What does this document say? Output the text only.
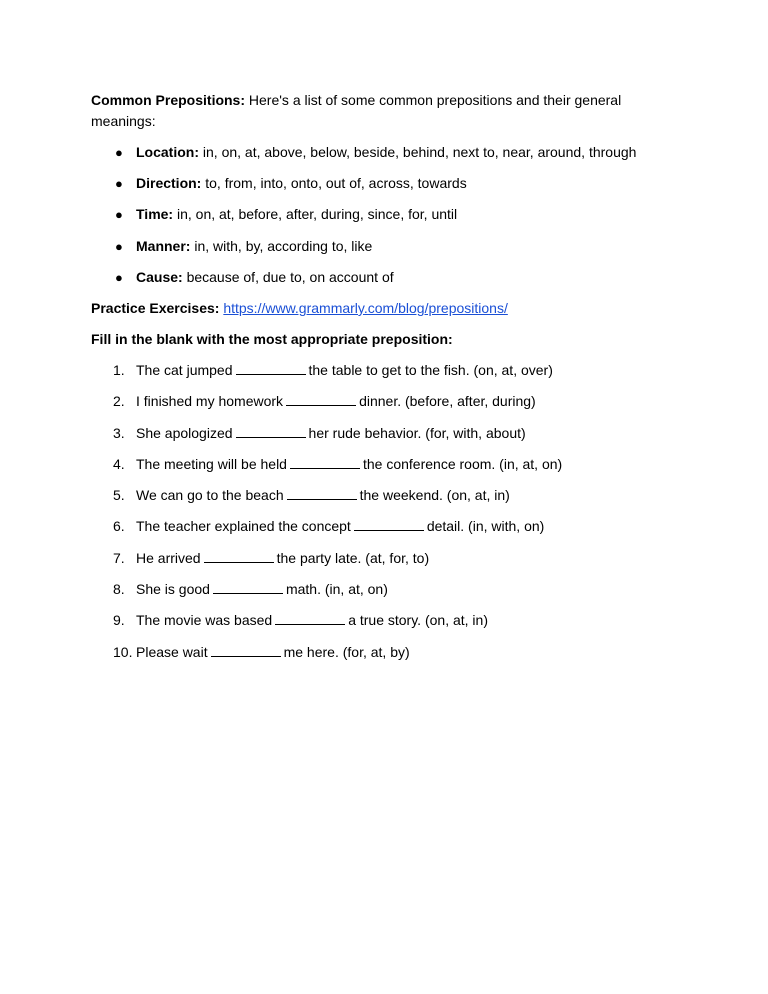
Common Prepositions: Here's a list of some common prepositions and their general meanings:

● Location: in, on, at, above, below, beside, behind, next to, near, around, through
● Direction: to, from, into, onto, out of, across, towards
● Time: in, on, at, before, after, during, since, for, until
● Manner: in, with, by, according to, like
● Cause: because of, due to, on account of

Practice Exercises: https://www.grammarly.com/blog/prepositions/

Fill in the blank with the most appropriate preposition:

1. The cat jumped	the table to get to the fish. (on, at, over)
2. I finished my homework	dinner. (before, after, during)
3. She apologized	her rude behavior. (for, with, about)
4. The meeting will be held	the conference room. (in, at, on)
5. We can go to the beach	the weekend. (on, at, in)
6. The teacher explained the concept	detail. (in, with, on)
7. He arrived	the party late. (at, for, to)
8. She is good	math. (in, at, on)
9. The movie was based	a true story. (on, at, in)
10. Please wait	me here. (for, at, by)
